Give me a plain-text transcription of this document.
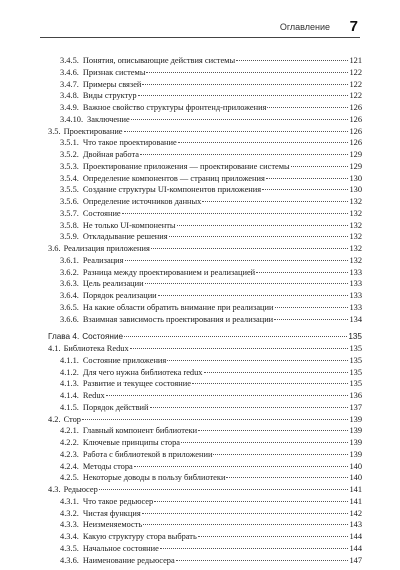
Оглавление 7
3.4.5. Понятия, описывающие действия системы	121
3.4.6. Признак системы	122
3.4.7. Примеры связей	122
3.4.8. Виды структур	122
3.4.9. Важное свойство структуры фронтенд-приложения	126
3.4.10. Заключение	126
3.5. Проектирование	126
3.5.1. Что такое проектирование	126
3.5.2. Двойная работа	129
3.5.3. Проектирование приложения — проектирование системы	129
3.5.4. Определение компонентов — страниц приложения	130
3.5.5. Создание структуры UI-компонентов приложения	130
3.5.6. Определение источников данных	132
3.5.7. Состояние	132
3.5.8. Не только UI-компоненты	132
3.5.9. Откладывание решения	132
3.6. Реализация приложения	132
3.6.1. Реализация	132
3.6.2. Разница между проектированием и реализацией	133
3.6.3. Цель реализации	133
3.6.4. Порядок реализации	133
3.6.5. На какие области обратить внимание при реализации	133
3.6.6. Взаимная зависимость проектирования и реализации	134
Глава 4. Состояние	135
4.1. Библиотека Redux	135
4.1.1. Состояние приложения	135
4.1.2. Для чего нужна библиотека redux	135
4.1.3. Развитие и текущее состояние	135
4.1.4. Redux	136
4.1.5. Порядок действий	137
4.2. Стор	139
4.2.1. Главный компонент библиотеки	139
4.2.2. Ключевые принципы стора	139
4.2.3. Работа с библиотекой в приложении	139
4.2.4. Методы стора	140
4.2.5. Некоторые доводы в пользу библиотеки	140
4.3. Редьюсер	141
4.3.1. Что такое редьюсер	141
4.3.2. Чистая функция	142
4.3.3. Неизменяемость	143
4.3.4. Какую структуру стора выбрать	144
4.3.5. Начальное состояние	144
4.3.6. Наименование редьюсера	147
